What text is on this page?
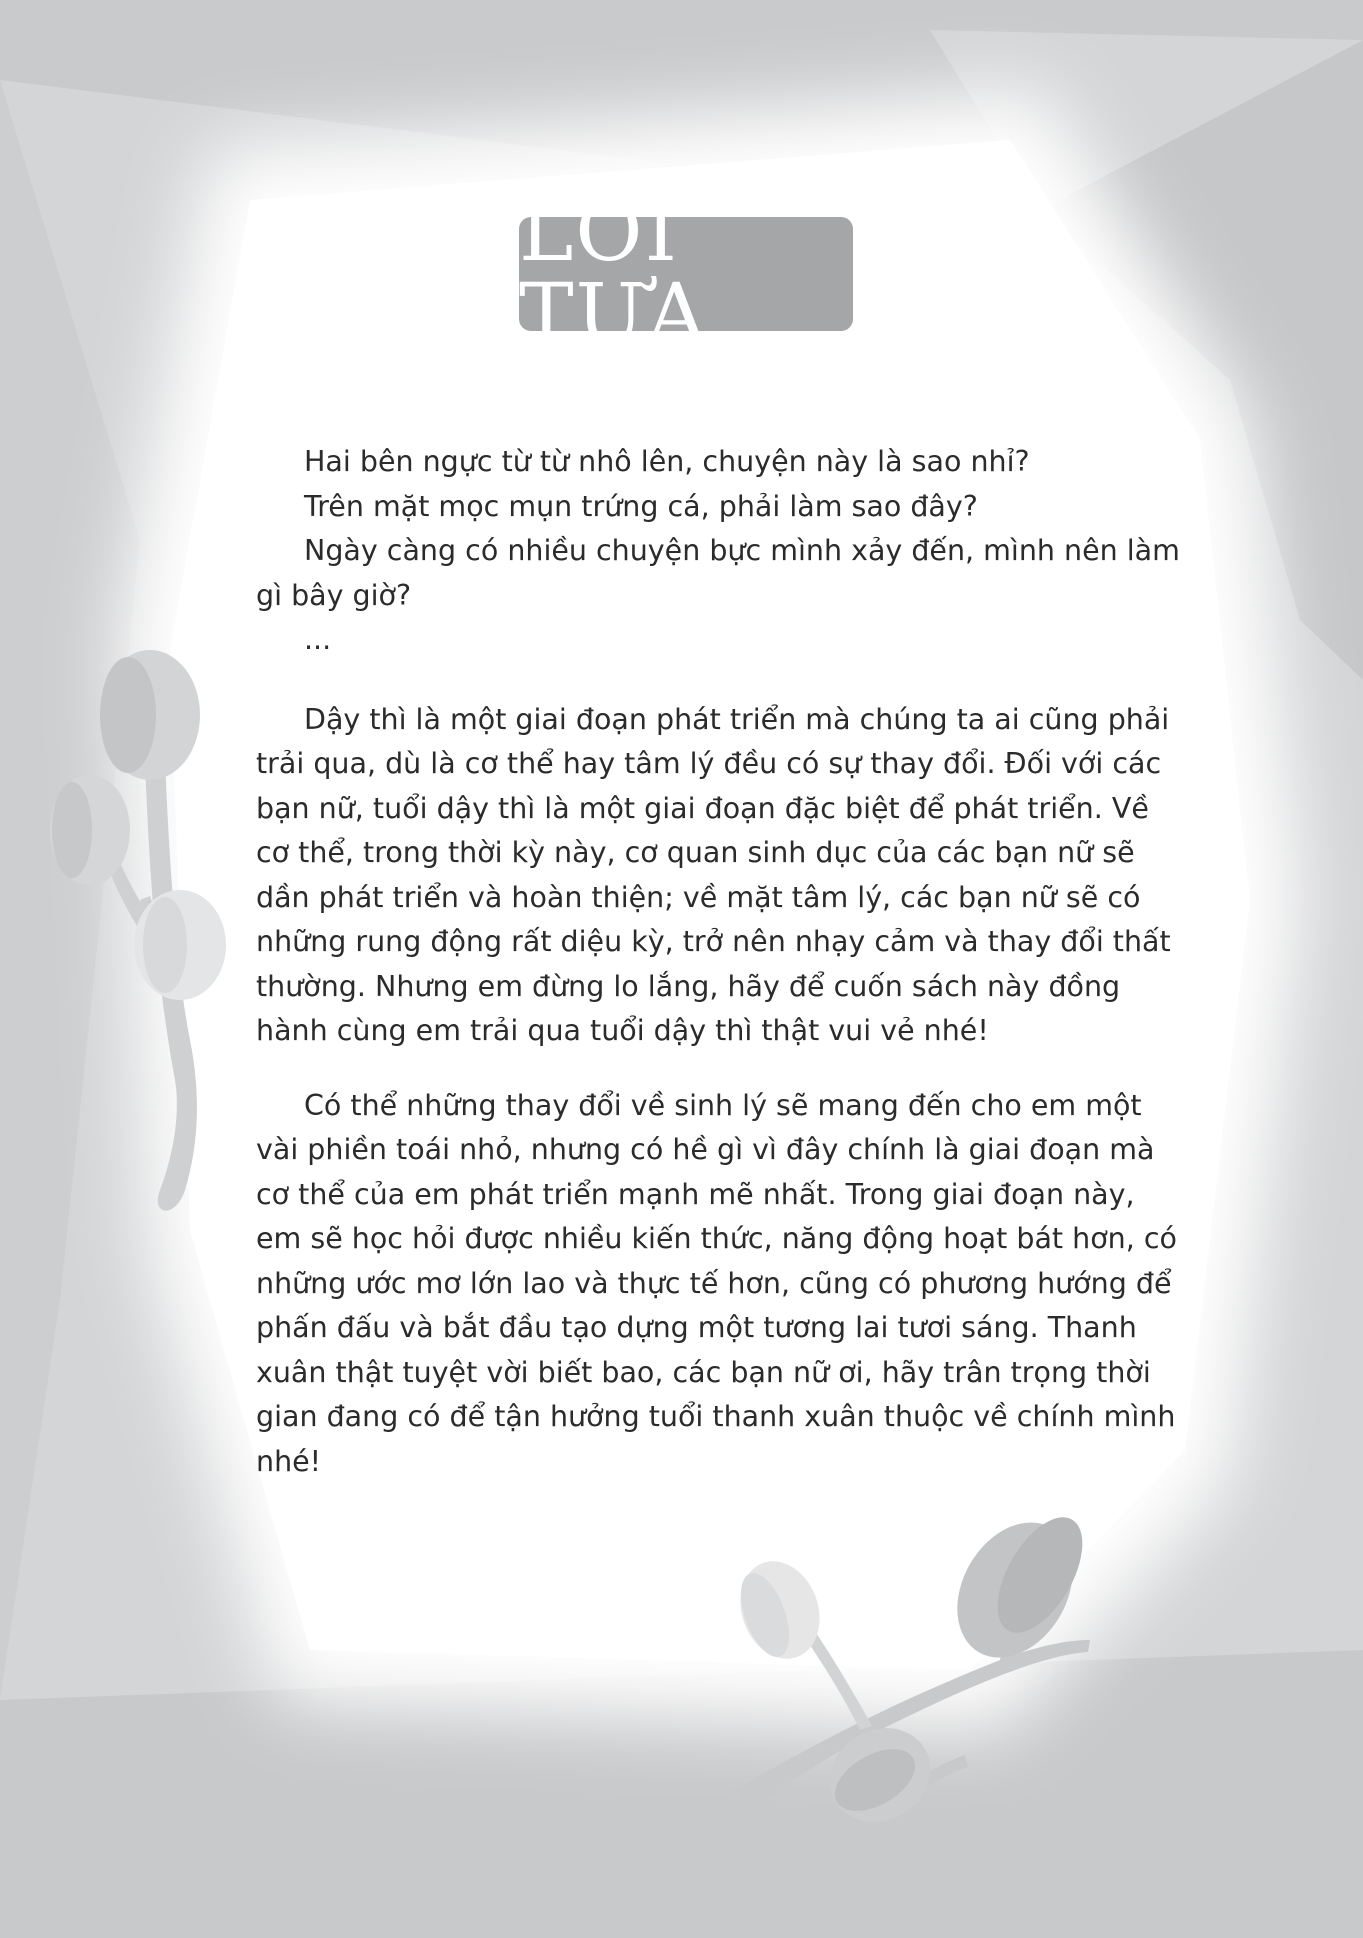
LỜI TỰA

Hai bên ngực từ từ nhô lên, chuyện này là sao nhỉ?

Trên mặt mọc mụn trứng cá, phải làm sao đây?

Ngày càng có nhiều chuyện bực mình xảy đến, mình nên làm gì bây giờ?

...

Dậy thì là một giai đoạn phát triển mà chúng ta ai cũng phải trải qua, dù là cơ thể hay tâm lý đều có sự thay đổi. Đối với các bạn nữ, tuổi dậy thì là một giai đoạn đặc biệt để phát triển. Về cơ thể, trong thời kỳ này, cơ quan sinh dục của các bạn nữ sẽ dần phát triển và hoàn thiện; về mặt tâm lý, các bạn nữ sẽ có những rung động rất diệu kỳ, trở nên nhạy cảm và thay đổi thất thường. Nhưng em đừng lo lắng, hãy để cuốn sách này đồng hành cùng em trải qua tuổi dậy thì thật vui vẻ nhé!

Có thể những thay đổi về sinh lý sẽ mang đến cho em một vài phiền toái nhỏ, nhưng có hề gì vì đây chính là giai đoạn mà cơ thể của em phát triển mạnh mẽ nhất. Trong giai đoạn này, em sẽ học hỏi được nhiều kiến thức, năng động hoạt bát hơn, có những ước mơ lớn lao và thực tế hơn, cũng có phương hướng để phấn đấu và bắt đầu tạo dựng một tương lai tươi sáng. Thanh xuân thật tuyệt vời biết bao, các bạn nữ ơi, hãy trân trọng thời gian đang có để tận hưởng tuổi thanh xuân thuộc về chính mình nhé!
